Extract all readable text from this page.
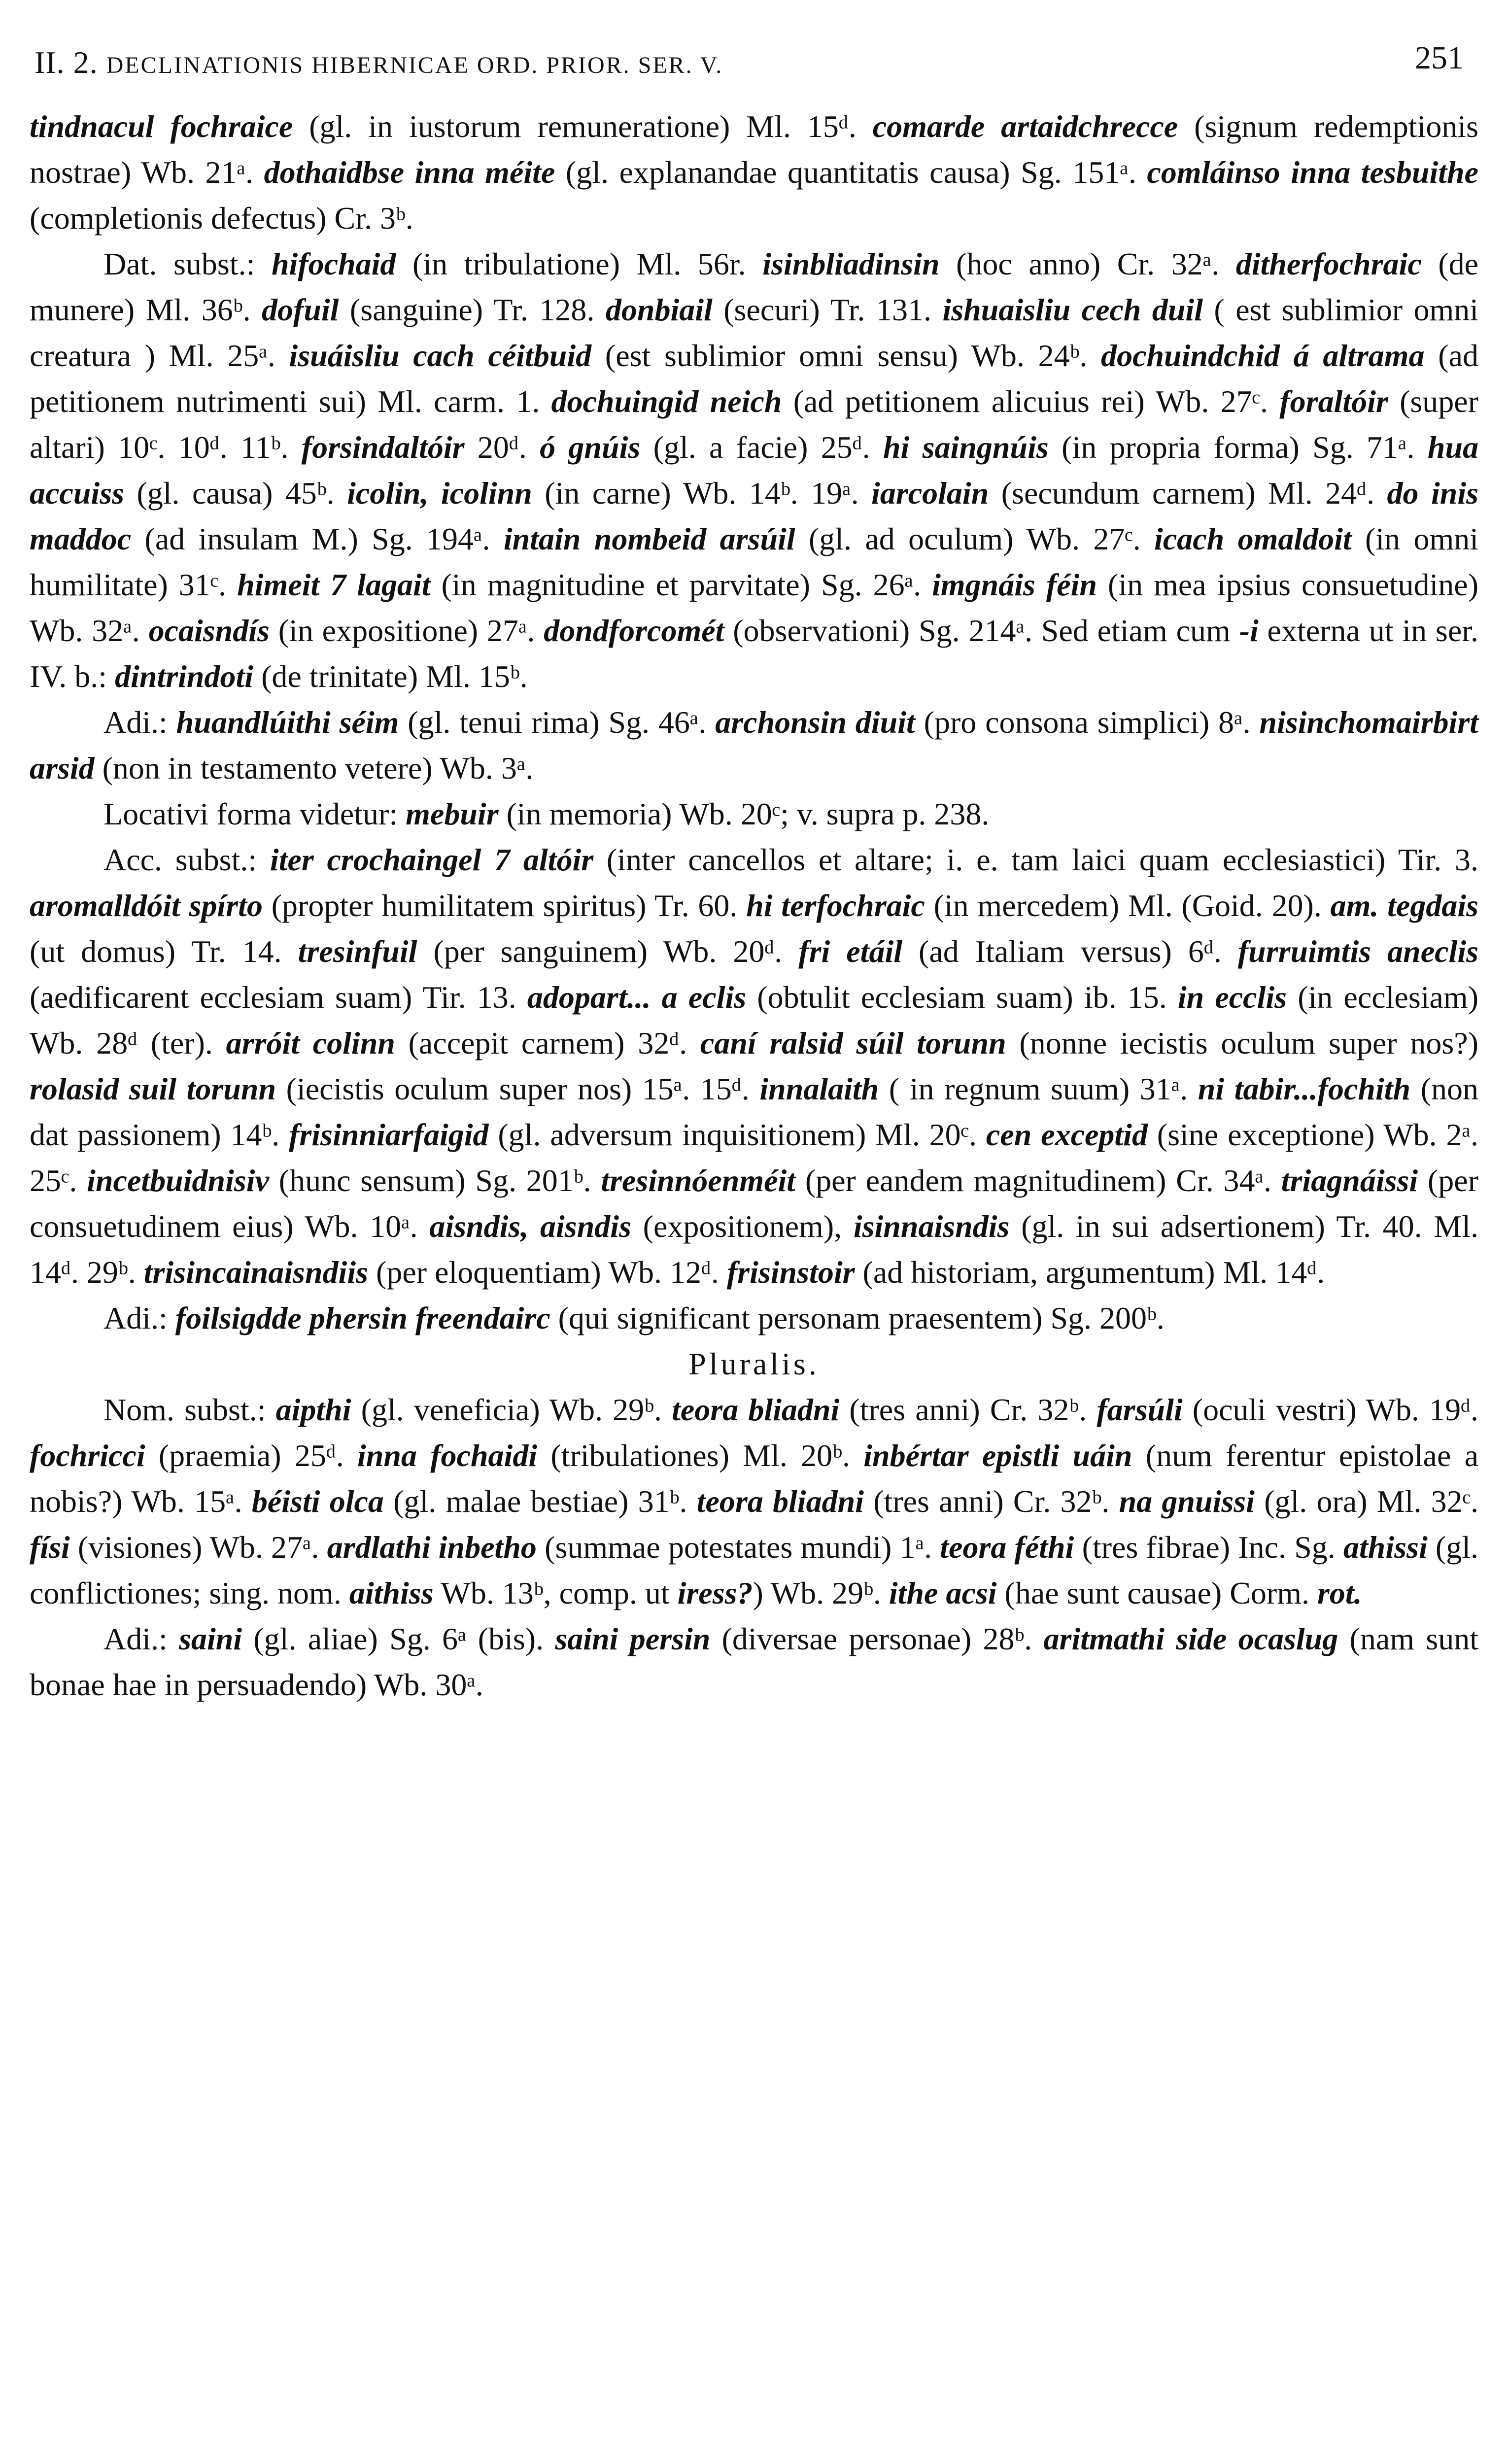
II. 2. DECLINATIONIS HIBERNICAE ORD. PRIOR. SER. V.	251

tindnacul fochraice (gl. in iustorum remuneratione) Ml. 15ᵈ. comarde artaidchrecce (signum redemptionis nostrae) Wb. 21ᵃ. dothaidbse inna méite (gl. explanandae quantitatis causa) Sg. 151ᵃ. comláinso inna tesbuithe (completionis defectus) Cr. 3ᵇ.

Dat. subst.: hifochaid (in tribulatione) Ml. 56r. isinbliadinsin (hoc anno) Cr. 32ᵃ. ditherfochraic (de munere) Ml. 36ᵇ. dofuil (sanguine) Tr. 128. donbiail (securi) Tr. 131. ishuaisliu cech duil ( est sublimior omni creatura ) Ml. 25ᵃ. isuáisliu cach céitbuid (est sublimior omni sensu) Wb. 24ᵇ. dochuindchid á altrama (ad petitionem nutrimenti sui) Ml. carm. 1. dochuingid neich (ad petitionem alicuius rei) Wb. 27ᶜ. foraltóir (super altari) 10ᶜ. 10ᵈ. 11ᵇ. forsindaltóir 20ᵈ. ó gnúis (gl. a facie) 25ᵈ. hi saingnúis (in propria forma) Sg. 71ᵃ. hua accuiss (gl. causa) 45ᵇ. icolin, icolinn (in carne) Wb. 14ᵇ. 19ᵃ. iarcolain (secundum carnem) Ml. 24ᵈ. do inis maddoc (ad insulam M.) Sg. 194ᵃ. intain nombeid arsúil (gl. ad oculum) Wb. 27ᶜ. icach omaldoit (in omni humilitate) 31ᶜ. himeit 7 lagait (in magnitudine et parvitate) Sg. 26ᵃ. imgnáis féin (in mea ipsius consuetudine) Wb. 32ᵃ. ocaisndís (in expositione) 27ᵃ. dondforcomét (observationi) Sg. 214ᵃ. Sed etiam cum -i externa ut in ser. IV. b.: dintrindoti (de trinitate) Ml. 15ᵇ.

Adi.: huandlúithi séim (gl. tenui rima) Sg. 46ᵃ. archonsin diuit (pro consona simplici) 8ᵃ. nisinchomairbirt arsid (non in testamento vetere) Wb. 3ᵃ.

Locativi forma videtur: mebuir (in memoria) Wb. 20ᶜ; v. supra p. 238.

Acc. subst.: iter crochaingel 7 altóir (inter cancellos et altare; i. e. tam laici quam ecclesiastici) Tir. 3. aromalldóit spírto (propter humilitatem spiritus) Tr. 60. hi terfochraic (in mercedem) Ml. (Goid. 20). am. tegdais (ut domus) Tr. 14. tresinfuil (per sanguinem) Wb. 20ᵈ. fri etáil (ad Italiam versus) 6ᵈ. furruimtis aneclis (aedificarent ecclesiam suam) Tir. 13. adopart... a eclis (obtulit ecclesiam suam) ib. 15. in ecclis (in ecclesiam) Wb. 28ᵈ (ter). arróit colinn (accepit carnem) 32ᵈ. caní ralsid súil torunn (nonne iecistis oculum super nos?) rolasid suil torunn (iecistis oculum super nos) 15ᵃ. 15ᵈ. innalaith ( in regnum suum) 31ᵃ. ni tabir...fochith (non dat passionem) 14ᵇ. frisinniarfaigid (gl. adversum inquisitionem) Ml. 20ᶜ. cen exceptid (sine exceptione) Wb. 2ᵃ. 25ᶜ. incetbuidnisiv (hunc sensum) Sg. 201ᵇ. tresinnóenméit (per eandem magnitudinem) Cr. 34ᵃ. triagnáissi (per consuetudinem eius) Wb. 10ᵃ. aisndis, aisndis (expositionem), isinnaisndis (gl. in sui adsertionem) Tr. 40. Ml. 14ᵈ. 29ᵇ. trisincainaisndiis (per eloquentiam) Wb. 12ᵈ. frisinstoir (ad historiam, argumentum) Ml. 14ᵈ.

Adi.: foilsigdde phersin freendairc (qui significant personam praesentem) Sg. 200ᵇ.

Pluralis.

Nom. subst.: aipthi (gl. veneficia) Wb. 29ᵇ. teora bliadni (tres anni) Cr. 32ᵇ. farsúli (oculi vestri) Wb. 19ᵈ. fochricci (praemia) 25ᵈ. inna fochaidi (tribulationes) Ml. 20ᵇ. inbértar epistli uáin (num ferentur epistolae a nobis?) Wb. 15ᵃ. béisti olca (gl. malae bestiae) 31ᵇ. teora bliadni (tres anni) Cr. 32ᵇ. na gnuissi (gl. ora) Ml. 32ᶜ. físi (visiones) Wb. 27ᵃ. ardlathi inbetho (summae potestates mundi) 1ᵃ. teora féthi (tres fibrae) Inc. Sg. athissi (gl. conflictiones; sing. nom. aithiss Wb. 13ᵇ, comp. ut iress?) Wb. 29ᵇ. ithe acsi (hae sunt causae) Corm. rot.

Adi.: saini (gl. aliae) Sg. 6ᵃ (bis). saini persin (diversae personae) 28ᵇ. aritmathi side ocaslug (nam sunt bonae hae in persuadendo) Wb. 30ᵃ.
